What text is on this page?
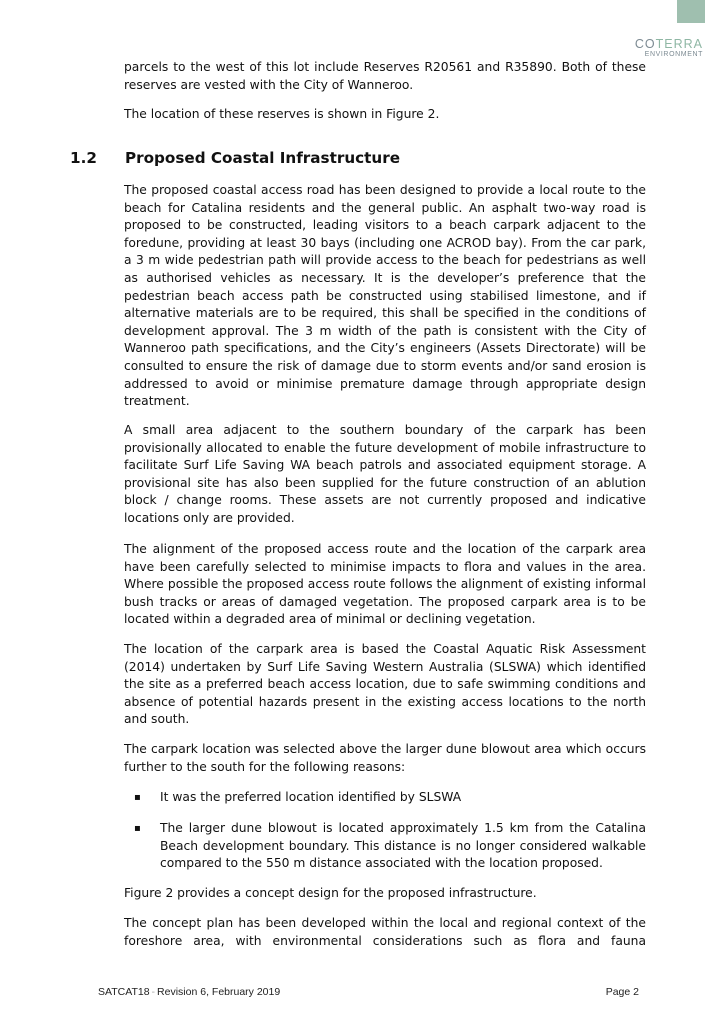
COTERRA
ENVIRONMENT

parcels to the west of this lot include Reserves R20561 and R35890. Both of these reserves are vested with the City of Wanneroo.

The location of these reserves is shown in Figure 2.

1.2 Proposed Coastal Infrastructure

The proposed coastal access road has been designed to provide a local route to the beach for Catalina residents and the general public. An asphalt two-way road is proposed to be constructed, leading visitors to a beach carpark adjacent to the foredune, providing at least 30 bays (including one ACROD bay). From the car park, a 3 m wide pedestrian path will provide access to the beach for pedestrians as well as authorised vehicles as necessary. It is the developer’s preference that the pedestrian beach access path be constructed using stabilised limestone, and if alternative materials are to be required, this shall be specified in the conditions of development approval. The 3 m width of the path is consistent with the City of Wanneroo path specifications, and the City’s engineers (Assets Directorate) will be consulted to ensure the risk of damage due to storm events and/or sand erosion is addressed to avoid or minimise premature damage through appropriate design treatment.

A small area adjacent to the southern boundary of the carpark has been provisionally allocated to enable the future development of mobile infrastructure to facilitate Surf Life Saving WA beach patrols and associated equipment storage. A provisional site has also been supplied for the future construction of an ablution block / change rooms. These assets are not currently proposed and indicative locations only are provided.

The alignment of the proposed access route and the location of the carpark area have been carefully selected to minimise impacts to flora and values in the area. Where possible the proposed access route follows the alignment of existing informal bush tracks or areas of damaged vegetation. The proposed carpark area is to be located within a degraded area of minimal or declining vegetation.

The location of the carpark area is based the Coastal Aquatic Risk Assessment (2014) undertaken by Surf Life Saving Western Australia (SLSWA) which identified the site as a preferred beach access location, due to safe swimming conditions and absence of potential hazards present in the existing access locations to the north and south.

The carpark location was selected above the larger dune blowout area which occurs further to the south for the following reasons:

▪ It was the preferred location identified by SLSWA

▪ The larger dune blowout is located approximately 1.5 km from the Catalina Beach development boundary. This distance is no longer considered walkable compared to the 550 m distance associated with the location proposed.

Figure 2 provides a concept design for the proposed infrastructure.

The concept plan has been developed within the local and regional context of the foreshore area, with environmental considerations such as flora and fauna

SATCAT18 - Revision 6, February 2019	Page 2
